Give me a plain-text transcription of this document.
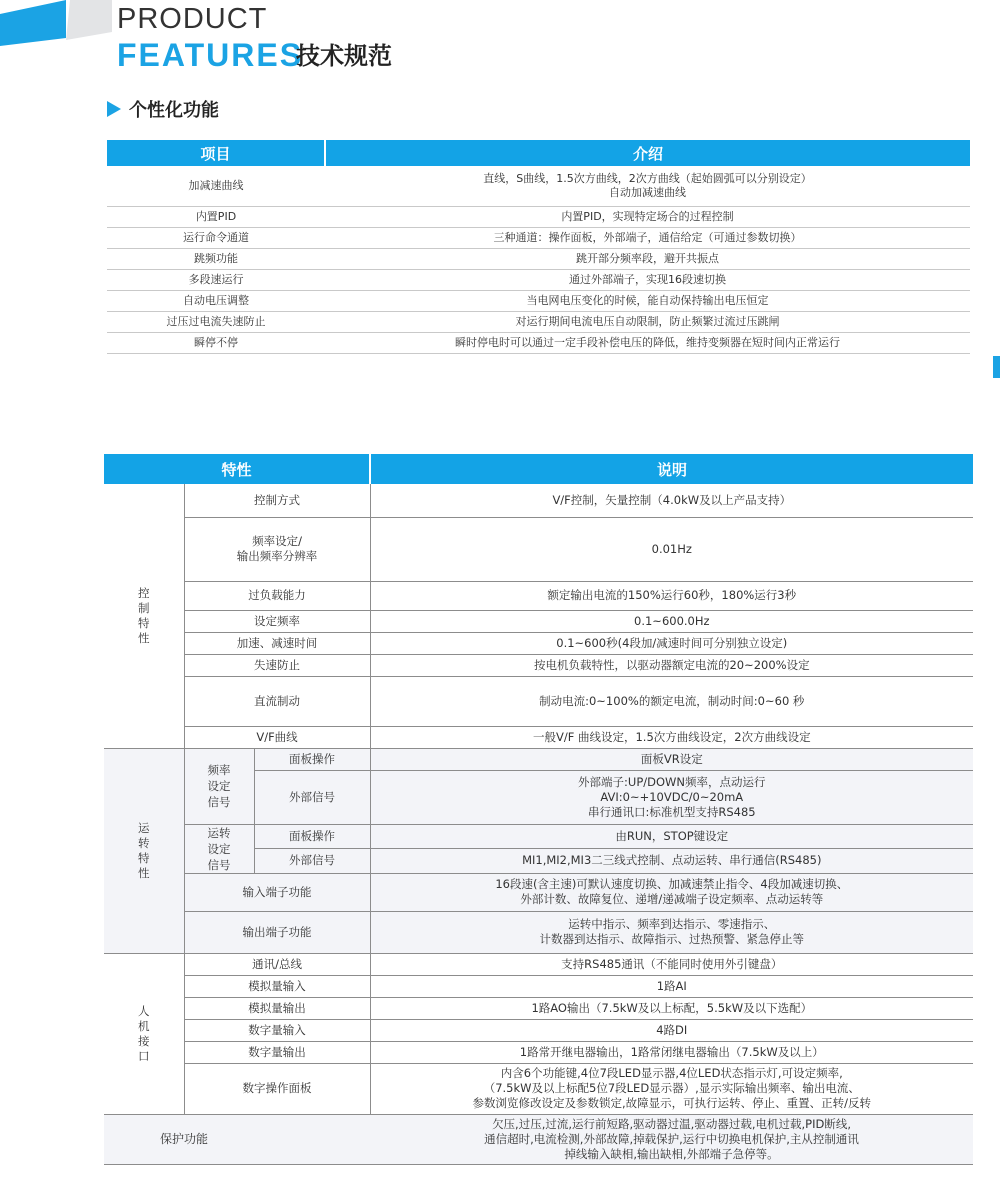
PRODUCT
FEATURES
技术规范
个性化功能
项目	介绍
加减速曲线	直线，S曲线，1.5次方曲线，2次方曲线（起始圆弧可以分别设定）
自动加减速曲线

内置PID	内置PID，实现特定场合的过程控制

运行命令通道	三种通道：操作面板，外部端子，通信给定（可通过参数切换）

跳频功能	跳开部分频率段，避开共振点

多段速运行	通过外部端子，实现16段速切换

自动电压调整	当电网电压变化的时候，能自动保持输出电压恒定

过压过电流失速防止	对运行期间电流电压自动限制，防止频繁过流过压跳闸

瞬停不停	瞬时停电时可以通过一定手段补偿电压的降低，维持变频器在短时间内正常运行
特性			说明

控
制
特
性	控制方式		V/F控制，矢量控制（4.0kW及以上产品支持）

	频率设定/
输出频率分辨率		0.01Hz

	过负载能力		额定输出电流的150%运行60秒，180%运行3秒

	设定频率		0.1~600.0Hz

	加速、减速时间		0.1~600秒(4段加/减速时间可分别独立设定)

	失速防止		按电机负载特性，以驱动器额定电流的20~200%设定

	直流制动		制动电流:0~100%的额定电流，制动时间:0~60 秒

	V/F曲线		一般V/F 曲线设定，1.5次方曲线设定，2次方曲线设定

运
转
特
性	频率
设定
信号	面板操作	面板VR设定

		外部信号	外部端子:UP/DOWN频率，点动运行
AVI:0~+10VDC/0~20mA
串行通讯口:标准机型支持RS485

	运转
设定
信号	面板操作	由RUN，STOP键设定

		外部信号	MI1,MI2,MI3二三线式控制、点动运转、串行通信(RS485)

	输入端子功能		16段速(含主速)可默认速度切换、加减速禁止指令、4段加减速切换、
外部计数、故障复位、递增/递减端子设定频率、点动运转等

	输出端子功能		运转中指示、频率到达指示、零速指示、
计数器到达指示、故障指示、过热预警、紧急停止等

人
机
接
口	通讯/总线		支持RS485通讯（不能同时使用外引键盘）

	模拟量输入		1路AI

	模拟量输出		1路AO输出（7.5kW及以上标配，5.5kW及以下选配）

	数字量输入		4路DI

	数字量输出		1路常开继电器输出，1路常闭继电器输出（7.5kW及以上）

	数字操作面板		内含6个功能键,4位7段LED显示器,4位LED状态指示灯,可设定频率,
（7.5kW及以上标配5位7段LED显示器）,显示实际输出频率、输出电流、
参数浏览修改设定及参数锁定,故障显示，可执行运转、停止、重置、正转/反转

保护功能			欠压,过压,过流,运行前短路,驱动器过温,驱动器过载,电机过载,PID断线,
通信超时,电流检测,外部故障,掉载保护,运行中切换电机保护,主从控制通讯
掉线输入缺相,输出缺相,外部端子急停等。
